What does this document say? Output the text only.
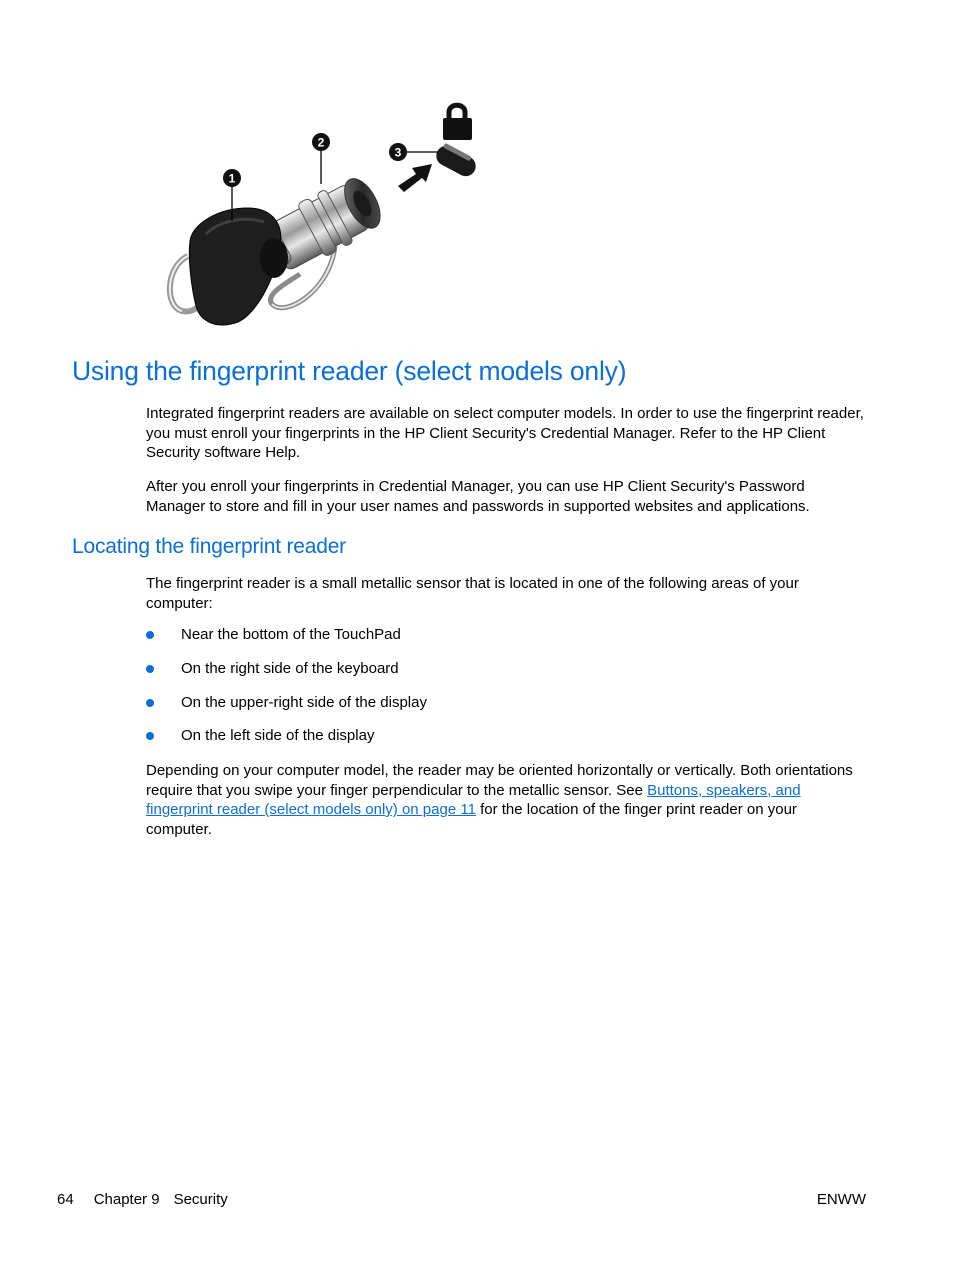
1
2
3
Using the fingerprint reader (select models only)

Integrated fingerprint readers are available on select computer models. In order to use the fingerprint reader, you must enroll your fingerprints in the HP Client Security's Credential Manager. Refer to the HP Client Security software Help.

After you enroll your fingerprints in Credential Manager, you can use HP Client Security's Password Manager to store and fill in your user names and passwords in supported websites and applications.

Locating the fingerprint reader

The fingerprint reader is a small metallic sensor that is located in one of the following areas of your computer:

Near the bottom of the TouchPad
On the right side of the keyboard
On the upper-right side of the display
On the left side of the display

Depending on your computer model, the reader may be oriented horizontally or vertically. Both orientations require that you swipe your finger perpendicular to the metallic sensor. See Buttons, speakers, and fingerprint reader (select models only) on page 11 for the location of the finger print reader on your computer.

64 Chapter 9 Security	ENWW
